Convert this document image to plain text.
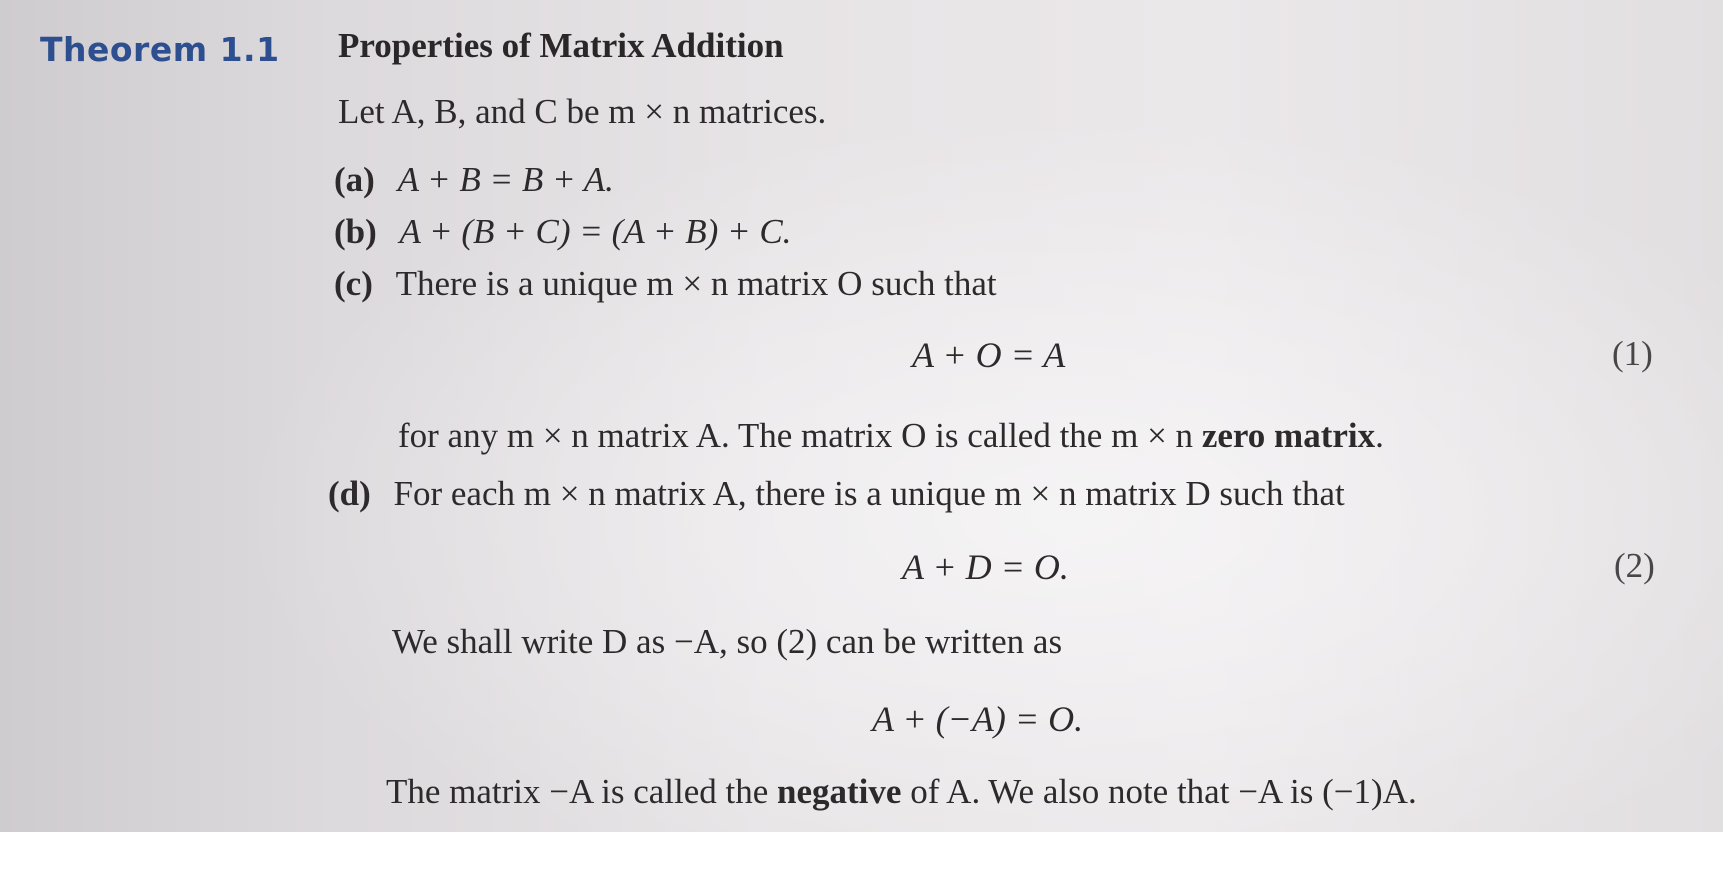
Theorem 1.1 Properties of Matrix Addition
Let A, B, and C be m × n matrices.
(a) A + B = B + A.
(b) A + (B + C) = (A + B) + C.
(c) There is a unique m × n matrix O such that
A + O = A	(1)
for any m × n matrix A. The matrix O is called the m × n zero matrix.
(d) For each m × n matrix A, there is a unique m × n matrix D such that
A + D = O.	(2)
We shall write D as −A, so (2) can be written as
A + (−A) = O.
The matrix −A is called the negative of A. We also note that −A is (−1)A.
